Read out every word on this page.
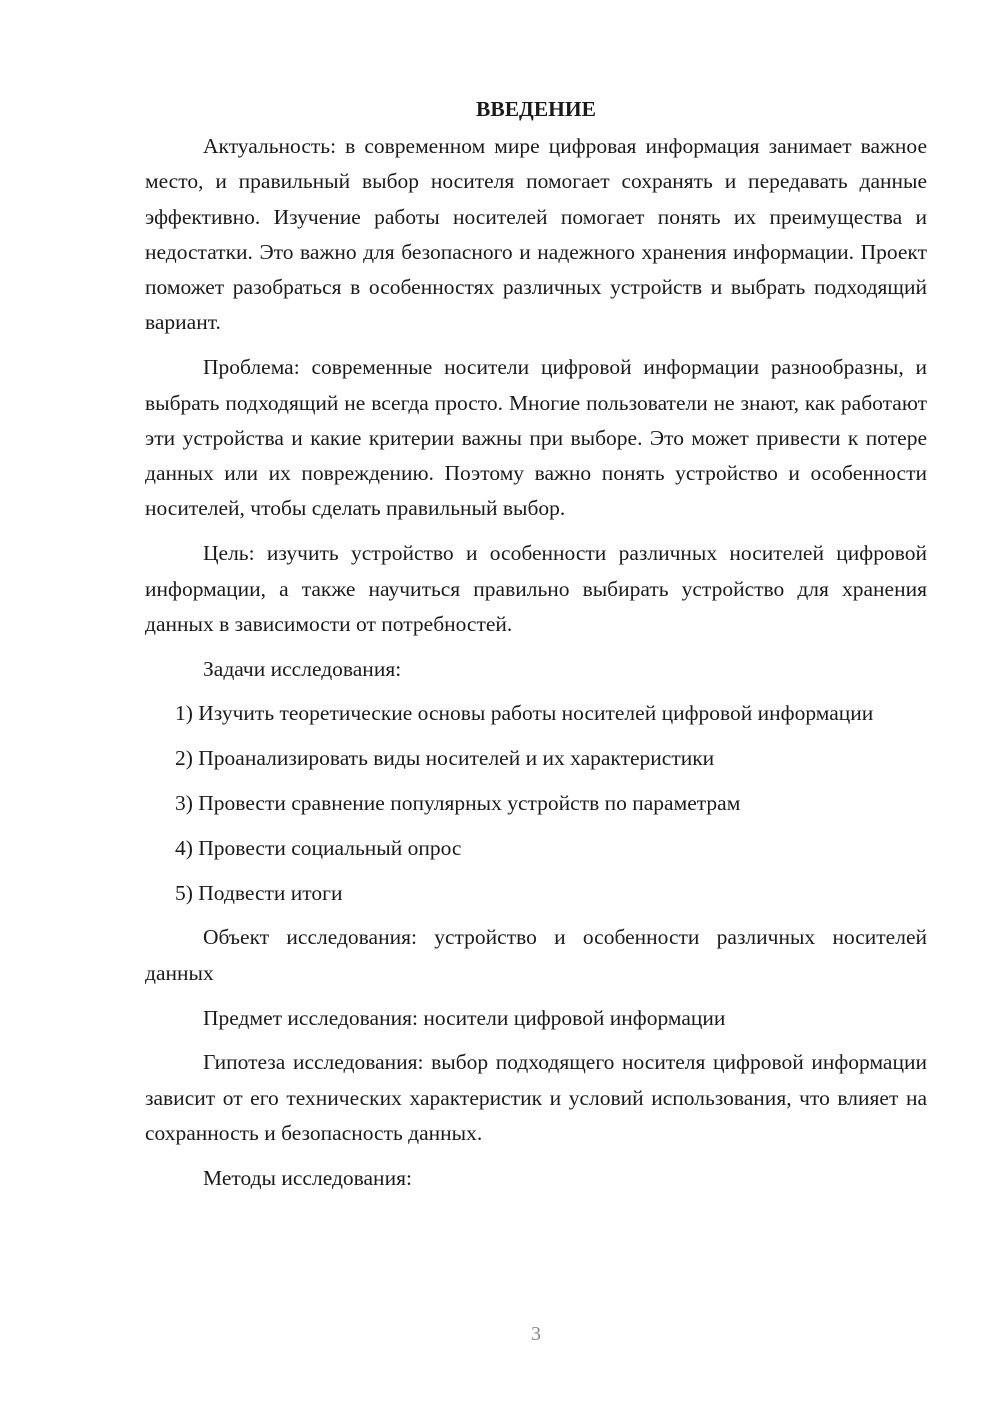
ВВЕДЕНИЕ

Актуальность: в современном мире цифровая информация занимает важное место, и правильный выбор носителя помогает сохранять и передавать данные эффективно. Изучение работы носителей помогает понять их преимущества и недостатки. Это важно для безопасного и надежного хранения информации. Проект поможет разобраться в особенностях различных устройств и выбрать подходящий вариант.

Проблема: современные носители цифровой информации разнообразны, и выбрать подходящий не всегда просто. Многие пользователи не знают, как работают эти устройства и какие критерии важны при выборе. Это может привести к потере данных или их повреждению. Поэтому важно понять устройство и особенности носителей, чтобы сделать правильный выбор.

Цель: изучить устройство и особенности различных носителей цифровой информации, а также научиться правильно выбирать устройство для хранения данных в зависимости от потребностей.

Задачи исследования:

1) Изучить теоретические основы работы носителей цифровой информации

2) Проанализировать виды носителей и их характеристики

3) Провести сравнение популярных устройств по параметрам

4) Провести социальный опрос

5) Подвести итоги

Объект исследования: устройство и особенности различных носителей данных

Предмет исследования: носители цифровой информации

Гипотеза исследования: выбор подходящего носителя цифровой информации зависит от его технических характеристик и условий использования, что влияет на сохранность и безопасность данных.

Методы исследования:

3
